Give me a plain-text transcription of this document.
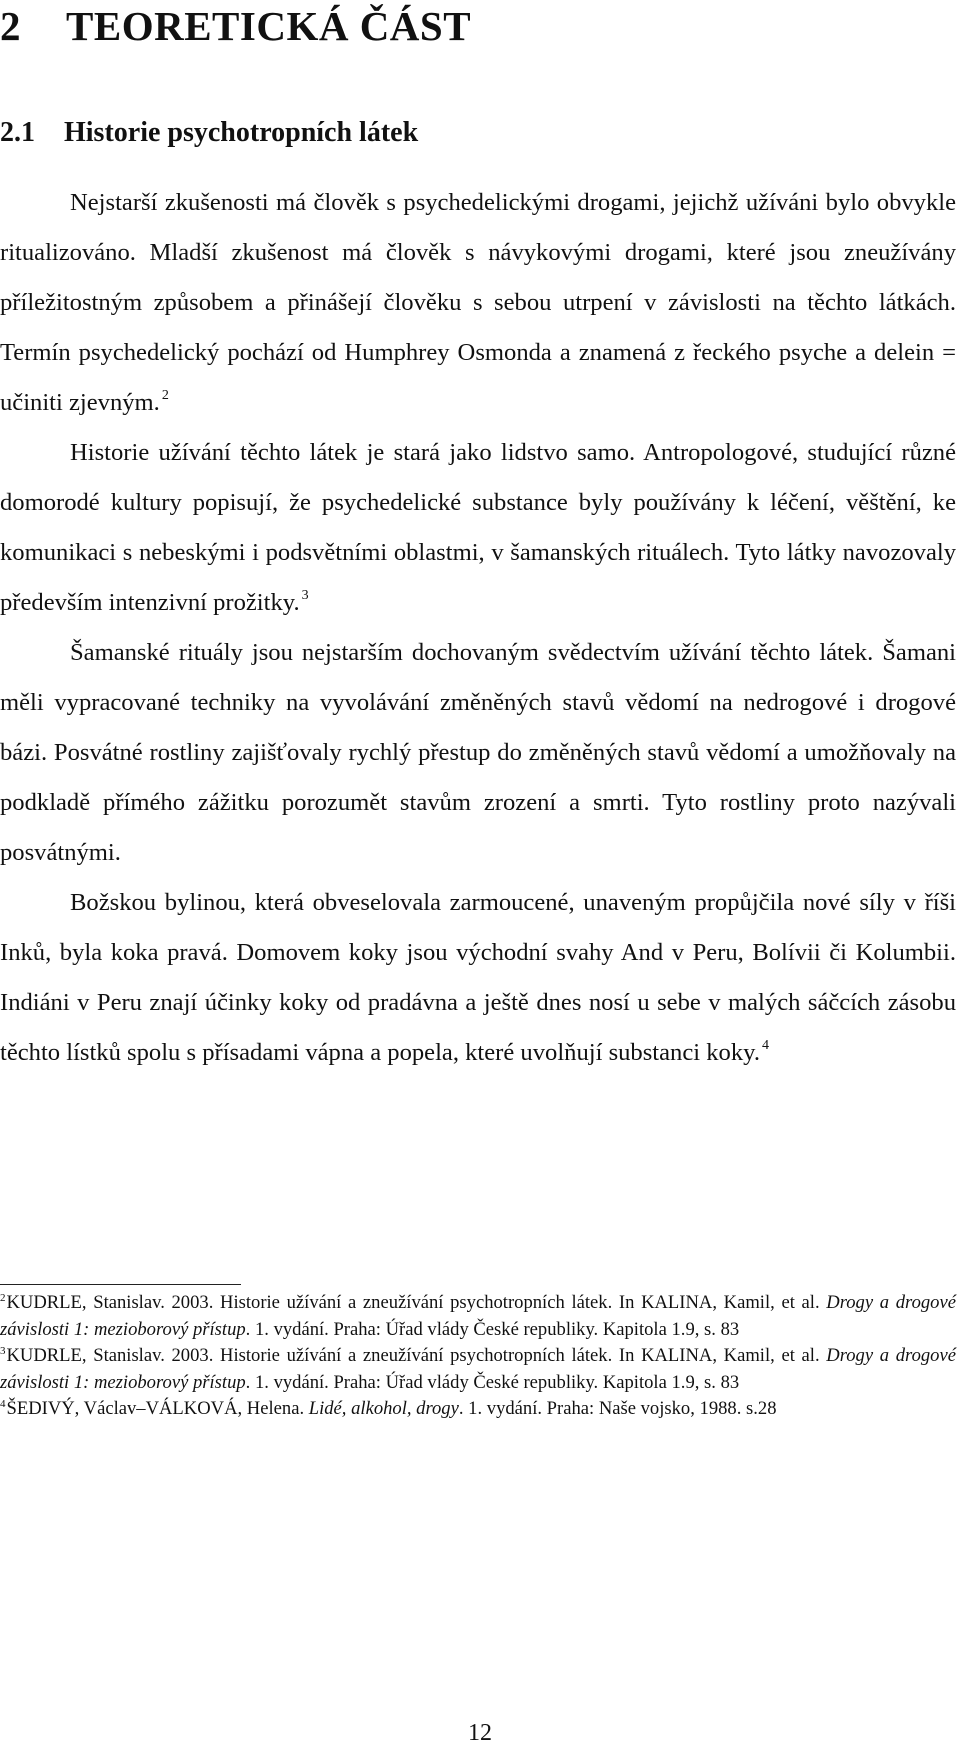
2 TEORETICKÁ ČÁST
2.1 Historie psychotropních látek

Nejstarší zkušenosti má člověk s psychedelickými drogami, jejichž užíváni bylo obvykle ritualizováno. Mladší zkušenost má člověk s návykovými drogami, které jsou zneužívány příležitostným způsobem a přinášejí člověku s sebou utrpení v závislosti na těchto látkách. Termín psychedelický pochází od Humphrey Osmonda a znamená z řeckého psyche a delein = učiniti zjevným. $^2$

Historie užívání těchto látek je stará jako lidstvo samo. Antropologové, studující různé domorodé kultury popisují, že psychedelické substance byly používány k léčení, věštění, ke komunikaci s nebeskými i podsvětními oblastmi, v šamanských rituálech. Tyto látky navozovaly především intenzivní prožitky. $^3$

Šamanské rituály jsou nejstarším dochovaným svědectvím užívání těchto látek. Šamani měli vypracované techniky na vyvolávání změněných stavů vědomí na nedrogové i drogové bázi. Posvátné rostliny zajišťovaly rychlý přestup do změněných stavů vědomí a umožňovaly na podkladě přímého zážitku porozumět stavům zrození a smrti. Tyto rostliny proto nazývali posvátnými.

Božskou bylinou, která obveselovala zarmoucené, unaveným propůjčila nové síly v říši Inků, byla koka pravá. Domovem koky jsou východní svahy And v Peru, Bolívii či Kolumbii. Indiáni v Peru znají účinky koky od pradávna a ještě dnes nosí u sebe v malých sáčcích zásobu těchto lístků spolu s přísadami vápna a popela, které uvolňují substanci koky. $^4$

$^2$KUDRLE, Stanislav. 2003. Historie užívání a zneužívání psychotropních látek. In KALINA, Kamil, et al. Drogy a drogové závislosti 1: mezioborový přístup. 1. vydání. Praha: Úřad vlády České republiky. Kapitola 1.9, s. 83

$^3$KUDRLE, Stanislav. 2003. Historie užívání a zneužívání psychotropních látek. In KALINA, Kamil, et al. Drogy a drogové závislosti 1: mezioborový přístup. 1. vydání. Praha: Úřad vlády České republiky. Kapitola 1.9, s. 83

$^4$ŠEDIVÝ, Václav–VÁLKOVÁ, Helena. Lidé, alkohol, drogy. 1. vydání. Praha: Naše vojsko, 1988. s.28

12
